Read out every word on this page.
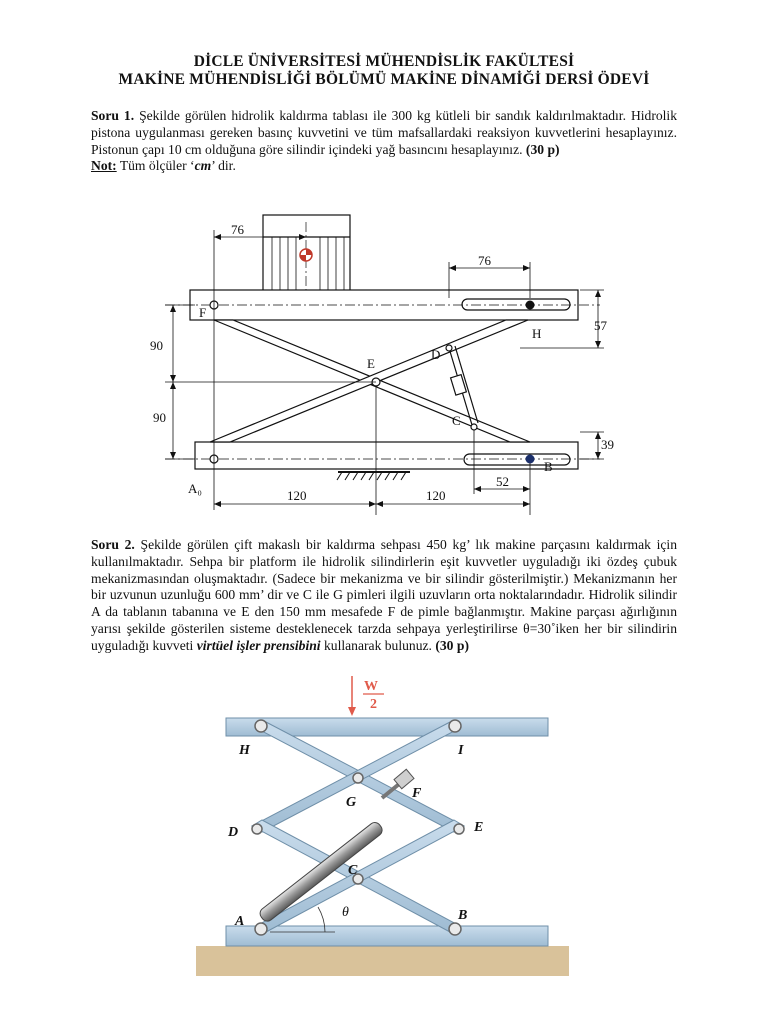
DİCLE ÜNİVERSİTESİ MÜHENDİSLİK FAKÜLTESİ
MAKİNE MÜHENDİSLİĞİ BÖLÜMÜ MAKİNE DİNAMİĞİ DERSİ ÖDEVİ
Soru 1. Şekilde görülen hidrolik kaldırma tablası ile 300 kg kütleli bir sandık kaldırılmaktadır. Hidrolik pistona uygulanması gereken basınç kuvvetini ve tüm mafsallardaki reaksiyon kuvvetlerini hesaplayınız. Pistonun çapı 10 cm olduğuna göre silindir içindeki yağ basıncını hesaplayınız. (30 p)
Not: Tüm ölçüler ‘cm’ dir.
76
76
57
39
90
90
120	120
52
F
H
E
D
C
B
A₀
Soru 2. Şekilde görülen çift makaslı bir kaldırma sehpası 450 kg’ lık makine parçasını kaldırmak için kullanılmaktadır. Sehpa bir platform ile hidrolik silindirlerin eşit kuvvetler uyguladığı iki özdeş çubuk mekanizmasından oluşmaktadır. (Sadece bir mekanizma ve bir silindir gösterilmiştir.) Mekanizmanın her bir uzvunun uzunluğu 600 mm’ dir ve C ile G pimleri ilgili uzuvların orta noktalarındadır. Hidrolik silindir A da tablanın tabanına ve E den 150 mm mesafede F de pimle bağlanmıştır. Makine parçası ağırlığının yarısı şekilde gösterilen sisteme desteklenecek tarzda sehpaya yerleştirilirse θ=30˚iken her bir silindirin uyguladığı kuvveti virtüel işler prensibini kullanarak bulunuz. (30 p)
W
2
H	I
G
F
D	E
C
A	B
θ
